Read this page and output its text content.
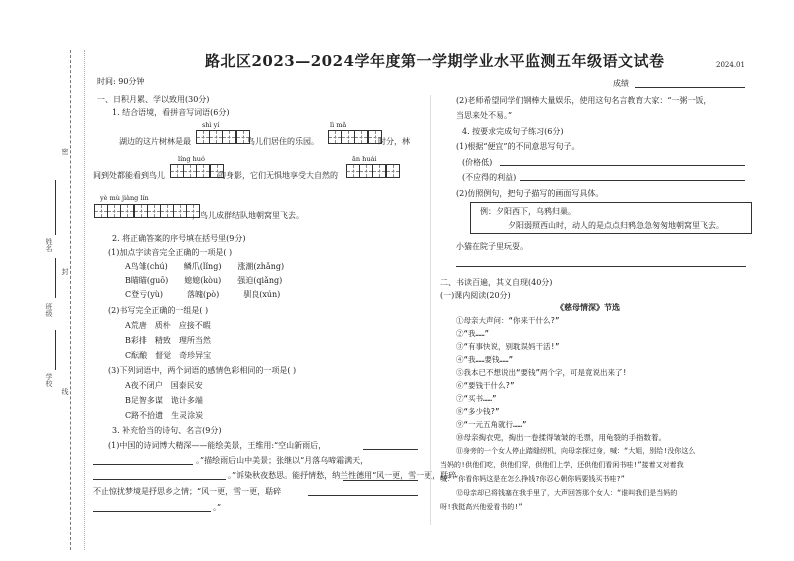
路北区2023—2024学年度第一学期学业水平监测五年级语文试卷	2024.01
时间: 90分钟	成绩
密
封
线
学校
班级
姓名
一、日积月累、学以致用(30分)
1. 结合语境，看拼音写词语(6分)
shì yí
湖边的这片树林是最	鸟儿们居住的乐园。
lì mǎ
时分，林
líng huó	ān huái
间到处都能看到鸟儿	的身影，它们无惧地享受大自然的
yè mù jiàng lín
，鸟儿成群结队地朝窝里飞去。
2. 将正确答案的序号填在括号里(9分)
(1)加点字读音完全正确的一项是( )
A鸟雏(chú)　　鳞爪(lǐng)　　涨潮(zhǎng)
B瞄瞄(guō)　　媳媳(kòu)　　强迫(qiǎng)
C登亏(yù)　　　落魄(pò)　　　驯良(xún)
(2)书写完全正确的一组是( )
A荒唐　质朴　应接不暇
B彩排　精致　理所当然
C酝酿　督觉　奇珍异宝
(3)下列词语中，两个词语的感情色彩相同的一项是( )
A夜不闭户　国泰民安
B足智多谋　诡计多端
C路不拾遗　生灵涂炭
3. 补充恰当的诗句、名言(9分)
(1)中国的诗词博大精深——能绘美景，王维用:“空山新雨后，
。”描绘雨后山中美景；张继以“月落乌啼霜满天，
。”诉染秋夜愁思。能抒情愁，纳兰性德用“风一更，雪一更，聒碎
不止惊扰梦境是抒思乡之情；“风一更，雪一更，聒碎
。”
(2)老师希望同学们钢棒大量娱乐，使用这句名言教育大家：“一粥一饭，
当思来处不易。”
4. 按要求完成句子练习(6分)
(1)根据“便宜”的不同意思写句子。
(价格低)
(不应得的利益)
(2)仿照例句，把句子描写的画面写具体。
例：夕阳西下，乌鸦归巢。
夕阳弱照西山时，动人的是点点归鸦急急匆匆地朝窝里飞去。
小猫在院子里玩耍。
二、书读百遍，其义自现(40分)
(一)课内阅读(20分)
《慈母情深》节选
①母亲大声问：“你来干什么?”
②“我……”
③“有事快说，别耽误妈干活!”
④“我……要钱……”
⑤我本已不想说出“要钱”两个字，可是竟说出来了!
⑥“要钱干什么?”
⑦“买书……”
⑧“多少钱?”
⑨“一元五角就行……”
⑩母亲掏衣兜，掏出一卷揉得皱皱的毛票，用龟裂的手指数着。
⑪身旁的一个女人停止踏缝纫机，向母亲探过身，喊：“大姐，别给!没你这么
当妈的!供他们吃，供他们穿，供他们上学，还供他们看闲书哇!”接着又对着我
喊：“你看你妈这是在怎么挣钱?你忍心朝你妈要钱买书哇?”
⑫母亲却已将钱塞在我手里了，大声回答那个女人：“谁叫我们是当妈的
呀!我挺高兴他爱看书的!”
